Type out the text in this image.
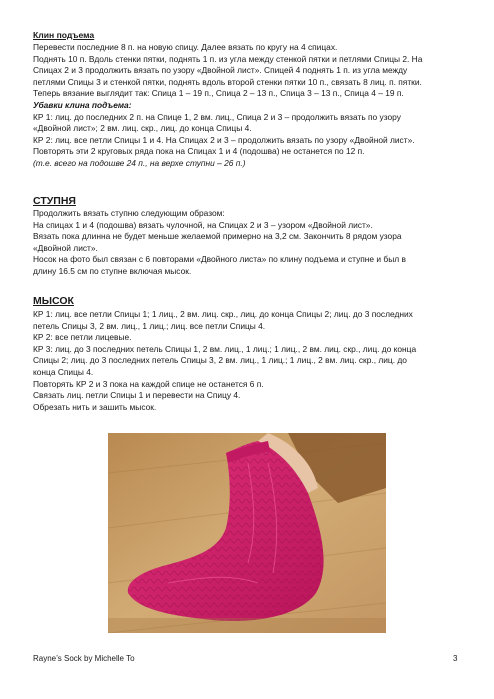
Клин подъема
Перевести последние 8 п. на новую спицу. Далее вязать по кругу на 4 спицах.
Поднять 10 п. Вдоль стенки пятки, поднять 1 п. из угла между стенкой пятки и петлями Спицы 2. На
Спицах 2 и 3 продолжить вязать по узору «Двойной лист». Спицей 4 поднять 1 п. из угла между
петлями Спицы 3 и стенкой пятки, поднять вдоль второй стенки пятки 10 п., связать 8 лиц. п. пятки.
Теперь вязание выглядит так: Спица 1 – 19 п., Спица 2 – 13 п., Спица 3 – 13 п., Спица 4 – 19 п.
Убавки клина подъема:
КР 1: лиц. до последних 2 п. на Спице 1, 2 вм. лиц., Спица 2 и 3 – продолжить вязать по узору
«Двойной лист»; 2 вм. лиц. скр., лиц. до конца Спицы 4.
КР 2: лиц. все петли Спицы 1 и 4. На Спицах 2 и 3 – продолжить вязать по узору «Двойной лист».
Повторять эти 2 круговых ряда пока на Спицах 1 и 4 (подошва) не останется по 12 п.
(т.е. всего на подошве 24 п., на верхе ступни – 26 п.)
СТУПНЯ
Продолжить вязать ступню следующим образом:
На спицах 1 и 4 (подошва) вязать чулочной, на Спицах 2 и 3 – узором «Двойной лист».
Вязать пока длинна не будет меньше желаемой примерно на 3,2 см. Закончить 8 рядом узора
«Двойной лист».
Носок на фото был связан с 6 повторами «Двойного листа» по клину подъема и ступне и был в
длину 16.5 см по ступне включая мысок.
МЫСОК
КР 1: лиц. все петли Спицы 1; 1 лиц., 2 вм. лиц. скр., лиц. до конца Спицы 2; лиц. до 3 последних
петель Спицы 3, 2 вм. лиц., 1 лиц.; лиц. все петли Спицы 4.
КР 2: все петли лицевые.
КР 3: лиц. до 3 последних петель Спицы 1, 2 вм. лиц., 1 лиц.; 1 лиц., 2 вм. лиц. скр., лиц. до конца
Спицы 2; лиц. до 3 последних петель Спицы 3, 2 вм. лиц., 1 лиц.; 1 лиц., 2 вм. лиц. скр., лиц. до
конца Спицы 4.
Повторять КР 2 и 3 пока на каждой спице не останется 6 п.
Связать лиц. петли Спицы 1 и перевести на Спицу 4.
Обрезать нить и зашить мысок.
Rayne’s Sock by Michelle To	3
